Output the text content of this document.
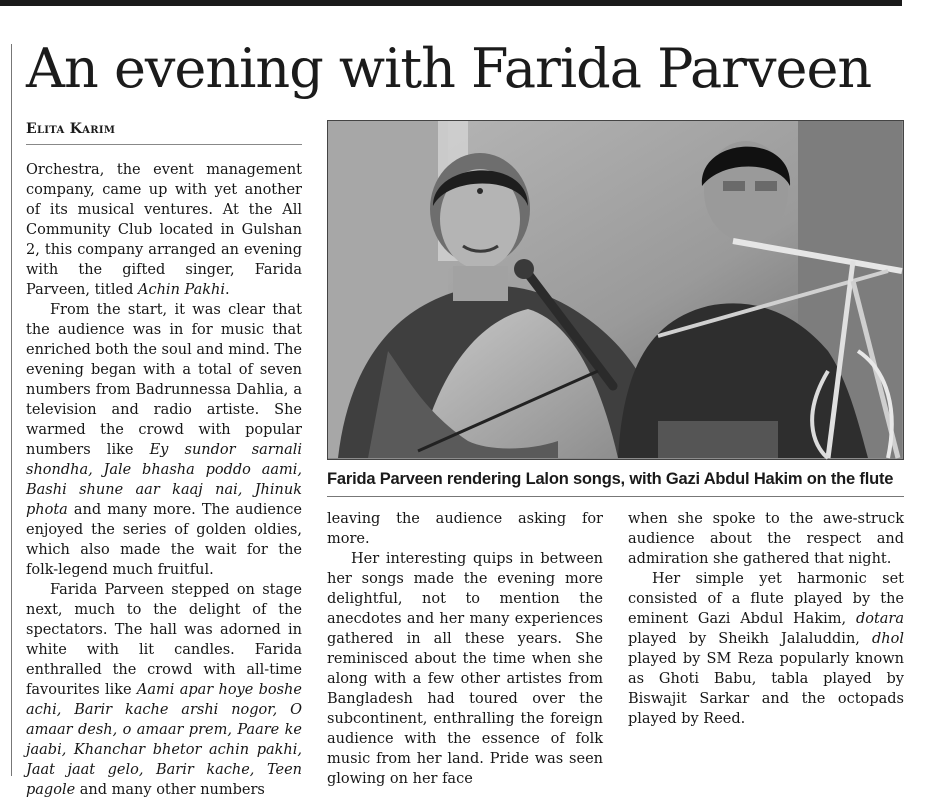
An evening with Farida Parveen
Elita Karim

Orchestra, the event management company, came up with yet another of its musical ventures. At the All Community Club located in Gulshan 2, this company arranged an evening with the gifted singer, Farida Parveen, titled Achin Pakhi.

From the start, it was clear that the audience was in for music that enriched both the soul and mind. The evening began with a total of seven numbers from Badrunnessa Dahlia, a television and radio artiste. She warmed the crowd with popular numbers like Ey sundor sarnali shondha, Jale bhasha poddo aami, Bashi shune aar kaaj nai, Jhinuk phota and many more. The audience enjoyed the series of golden oldies, which also made the wait for the folk-legend much fruitful.

Farida Parveen stepped on stage next, much to the delight of the spectators. The hall was adorned in white with lit candles. Farida enthralled the crowd with all-time favourites like Aami apar hoye boshe achi, Barir kache arshi nogor, O amaar desh, o amaar prem, Paare ke jaabi, Khanchar bhetor achin pakhi, Jaat jaat gelo, Barir kache, Teen pagole and many other numbers

Farida Parveen rendering Lalon songs, with Gazi Abdul Hakim on the flute

leaving the audience asking for more.

Her interesting quips in between her songs made the evening more delightful, not to mention the anecdotes and her many experiences gathered in all these years. She reminisced about the time when she along with a few other artistes from Bangladesh had toured over the subcontinent, enthralling the foreign audience with the essence of folk music from her land. Pride was seen glowing on her face

when she spoke to the awe-struck audience about the respect and admiration she gathered that night.

Her simple yet harmonic set consisted of a flute played by the eminent Gazi Abdul Hakim, dotara played by Sheikh Jalaluddin, dhol played by SM Reza popularly known as Ghoti Babu, tabla played by Biswajit Sarkar and the octopads played by Reed.
